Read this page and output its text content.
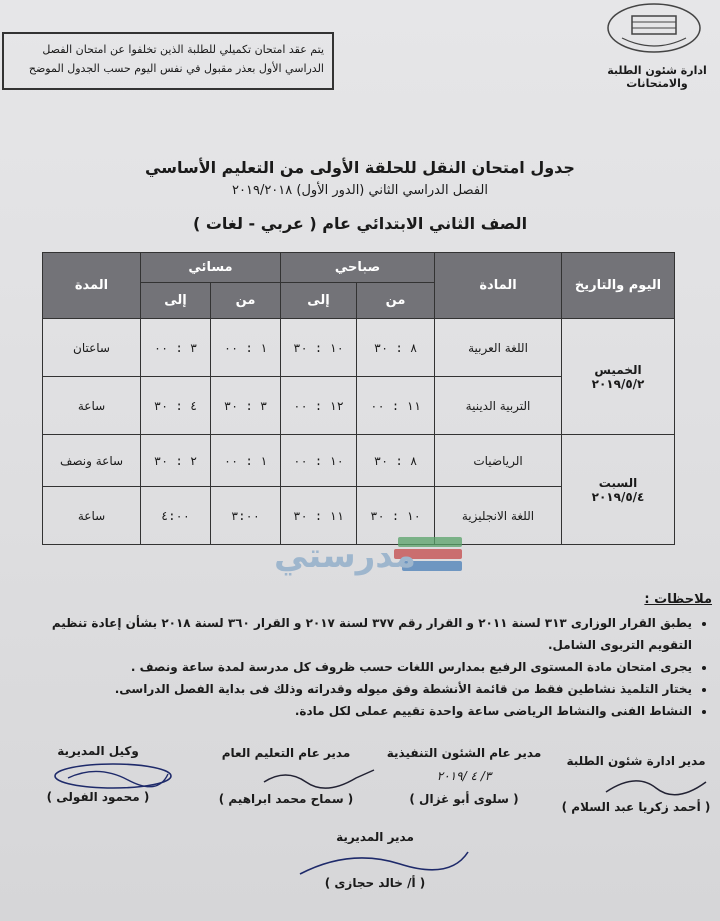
ادارة شئون الطلبة والامتحانات
يتم عقد امتحان تكميلي للطلبة الذين تخلفوا عن امتحان الفصل الدراسي الأول بعذر مقبول في نفس اليوم حسب الجدول الموضح
جدول امتحان النقل للحلقة الأولى من التعليم الأساسي
الفصل الدراسي الثاني (الدور الأول) ٢٠١٩/٢٠١٨
الصف الثاني الابتدائي عام ( عربي - لغات )
اليوم والتاريخ	المادة	صباحي		مسائي		المدة
		من	إلى	من	إلى	

الخميس
٢٠١٩/٥/٢	اللغة العربية	٨ : ٣٠	١٠ : ٣٠	١ : ٠٠	٣ : ٠٠	ساعتان
	التربية الدينية	١١ : ٠٠	١٢ : ٠٠	٣ : ٣٠	٤ : ٣٠	ساعة

السبت
٢٠١٩/٥/٤	الرياضيات	٨ : ٣٠	١٠ : ٠٠	١ : ٠٠	٢ : ٣٠	ساعة ونصف
	اللغة الانجليزية	١٠ : ٣٠	١١ : ٣٠	٣:٠٠	٤:٠٠	ساعة
مدرستي
ملاحظات :
• يطبق القرار الوزارى ٣١٣ لسنة ٢٠١١ و القرار رقم ٣٧٧ لسنة ٢٠١٧ و القرار ٣٦٠ لسنة ٢٠١٨ بشأن إعادة تنظيم التقويم التربوى الشامل.
• يجرى امتحان مادة المستوى الرفيع بمدارس اللغات حسب ظروف كل مدرسة لمدة ساعة ونصف .
• يختار التلميذ نشاطين فقط من قائمة الأنشطة وفق ميوله وقدراته وذلك فى بداية الفصل الدراسى.
• النشاط الفنى والنشاط الرياضى ساعة واحدة تقييم عملى لكل مادة.
مدير ادارة شئون الطلبة
( أحمد زكريا عبد السلام )
مدير عام الشئون التنفيذية
٣/ ٤ /٢٠١٩
( سلوى أبو غزال )
مدير عام التعليم العام
( سماح محمد ابراهيم )
وكيل المديرية
( محمود الفولى )
مدير المديرية
( أ/ خالد حجازى )
